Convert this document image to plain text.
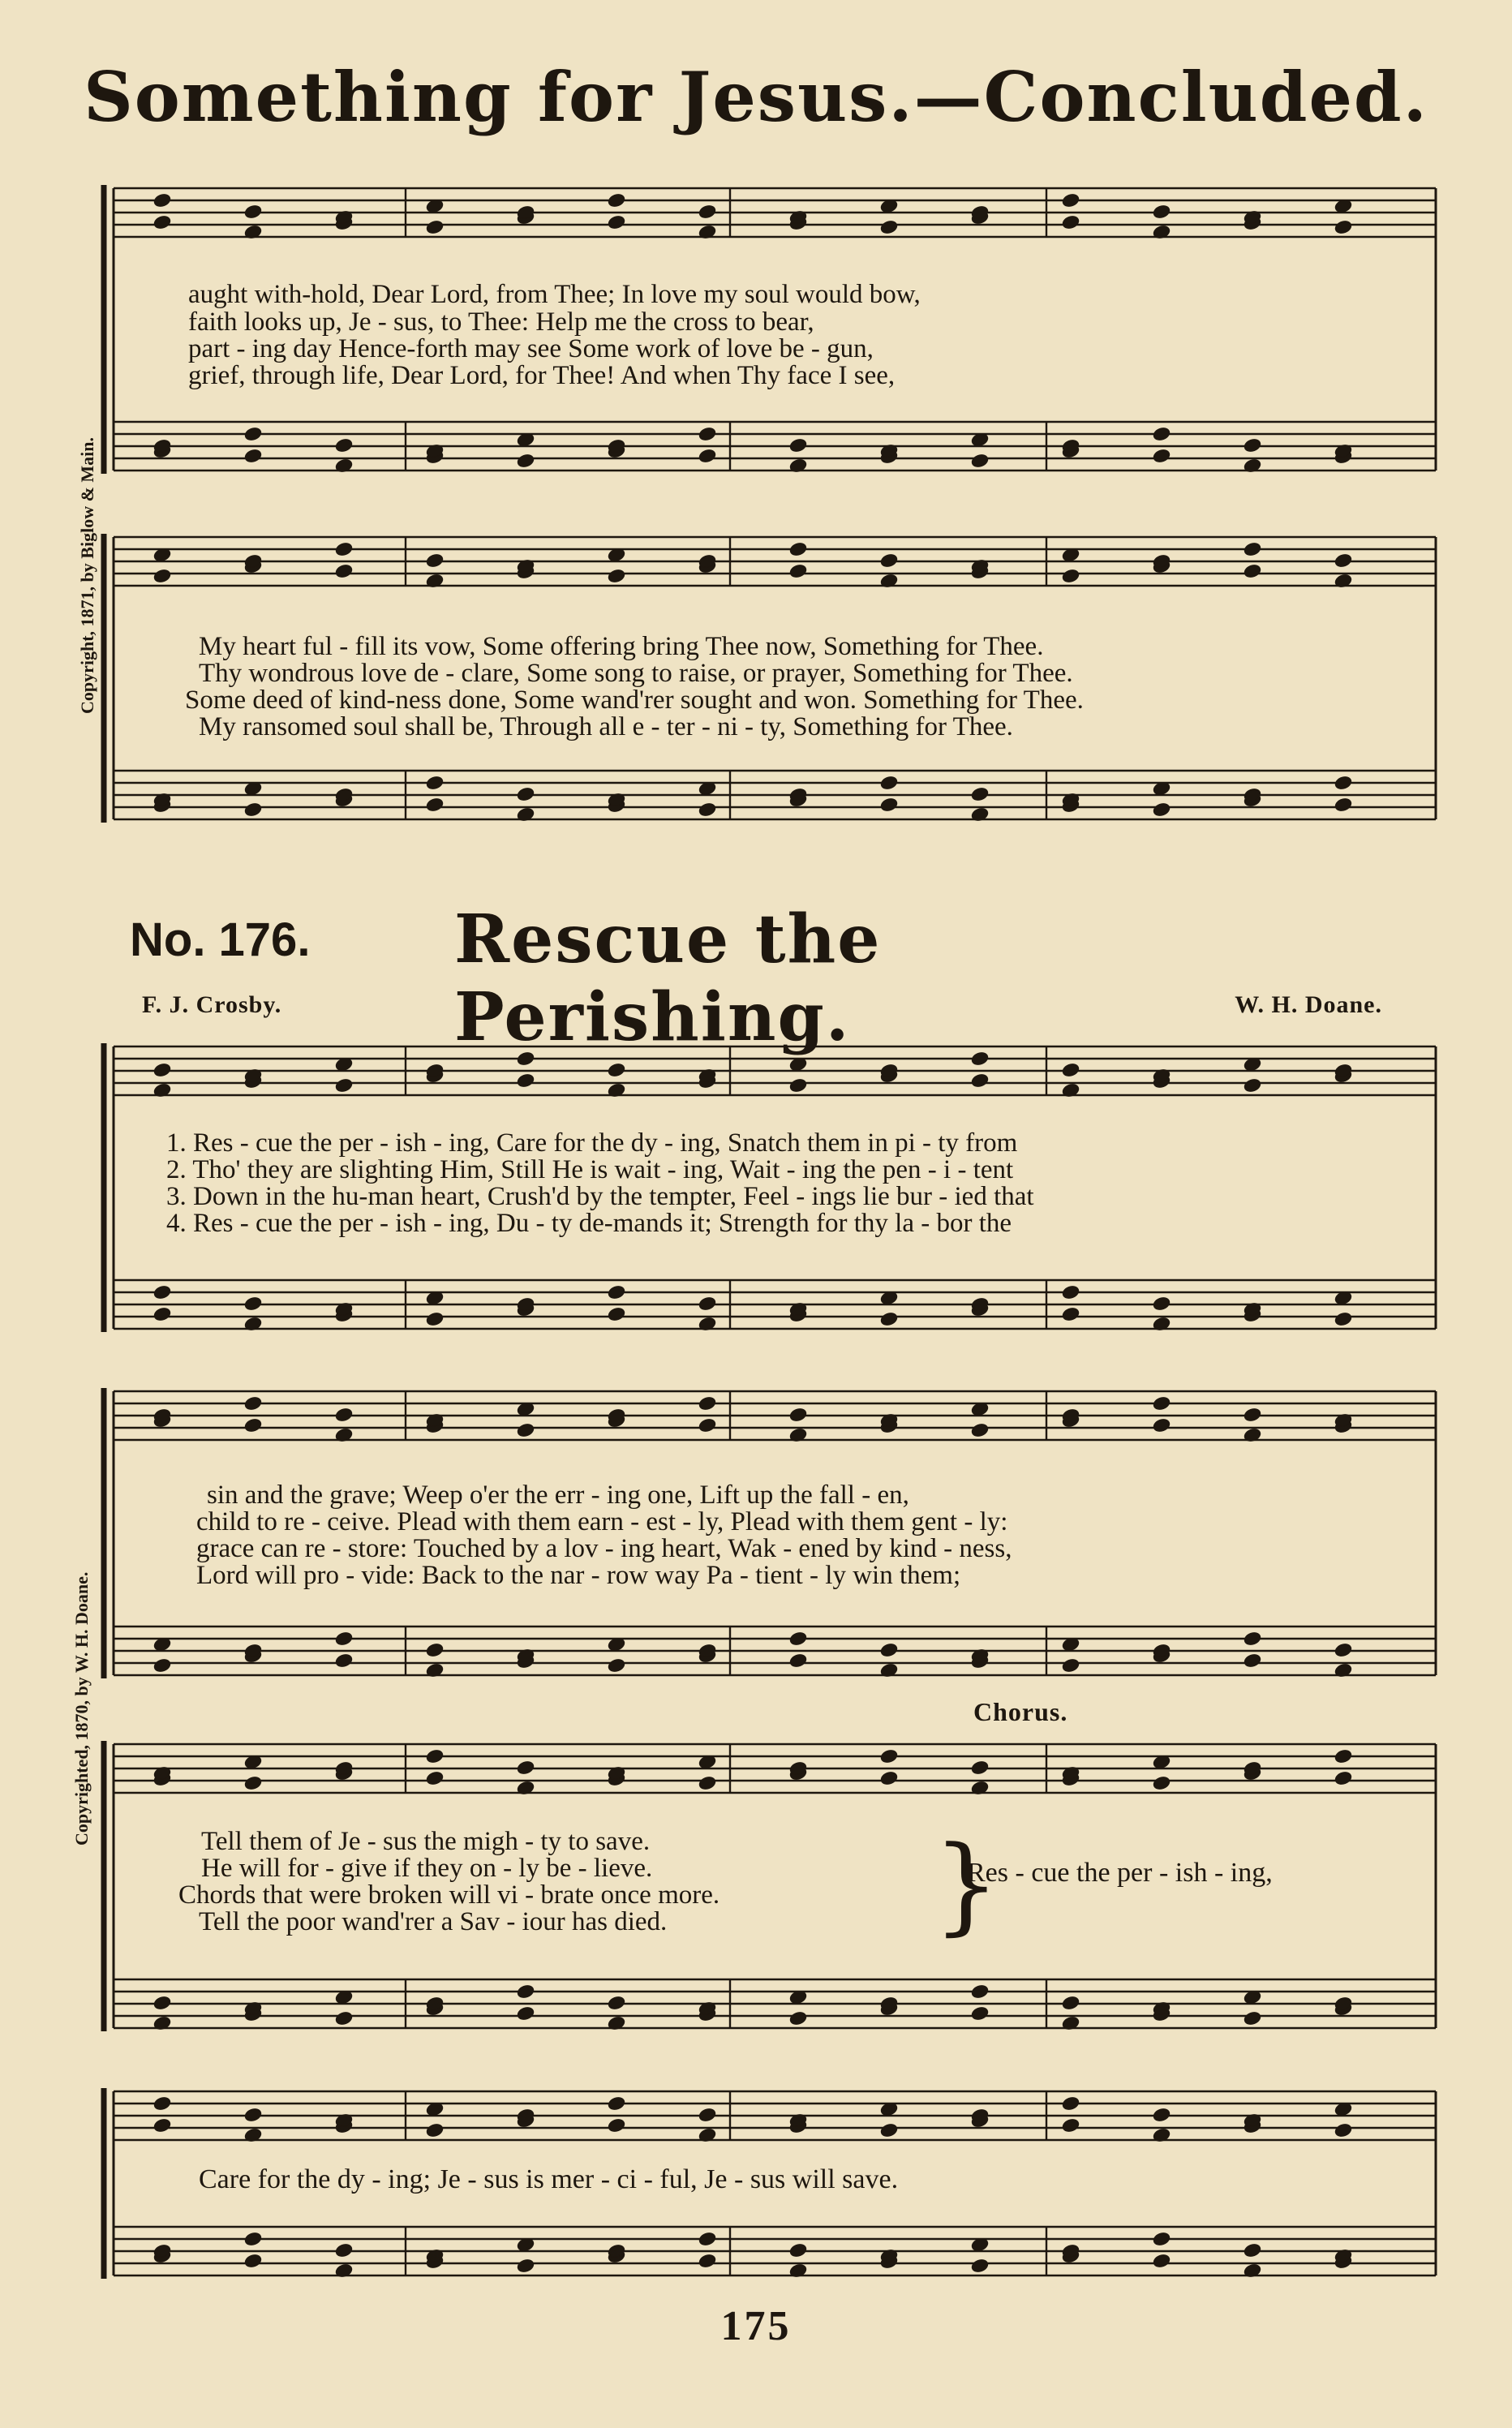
Something for Jesus.—Concluded.
Copyright, 1871, by Biglow & Main.
aught with-hold, Dear Lord, from Thee; In love my soul would bow,
faith looks up, Je - sus, to Thee: Help me the cross to bear,
part - ing day Hence-forth may see Some work of love be - gun,
grief, through life, Dear Lord, for Thee! And when Thy face I see,
My heart ful - fill its vow, Some offering bring Thee now, Something for Thee.
Thy wondrous love de - clare, Some song to raise, or prayer, Something for Thee.
Some deed of kind-ness done, Some wand'rer sought and won. Something for Thee.
My ransomed soul shall be, Through all e - ter - ni - ty, Something for Thee.
No. 176. Rescue the Perishing.
F. J. Crosby.	W. H. Doane.
Copyrighted, 1870, by W. H. Doane.
1. Res - cue the per - ish - ing, Care for the dy - ing, Snatch them in pi - ty from
2. Tho' they are slighting Him, Still He is wait - ing, Wait - ing the pen - i - tent
3. Down in the hu-man heart, Crush'd by the tempter, Feel - ings lie bur - ied that
4. Res - cue the per - ish - ing, Du - ty de-mands it; Strength for thy la - bor the
sin and the grave; Weep o'er the err - ing one, Lift up the fall - en,
child to re - ceive. Plead with them earn - est - ly, Plead with them gent - ly:
grace can re - store: Touched by a lov - ing heart, Wak - ened by kind - ness,
Lord will pro - vide: Back to the nar - row way Pa - tient - ly win them;
Tell them of Je - sus the migh - ty to save.
He will for - give if they on - ly be - lieve.
Chords that were broken will vi - brate once more.
Tell the poor wand'rer a Sav - iour has died.	}
Chorus.
Res - cue the per - ish - ing,
Care for the dy - ing; Je - sus is mer - ci - ful, Je - sus will save.
175
